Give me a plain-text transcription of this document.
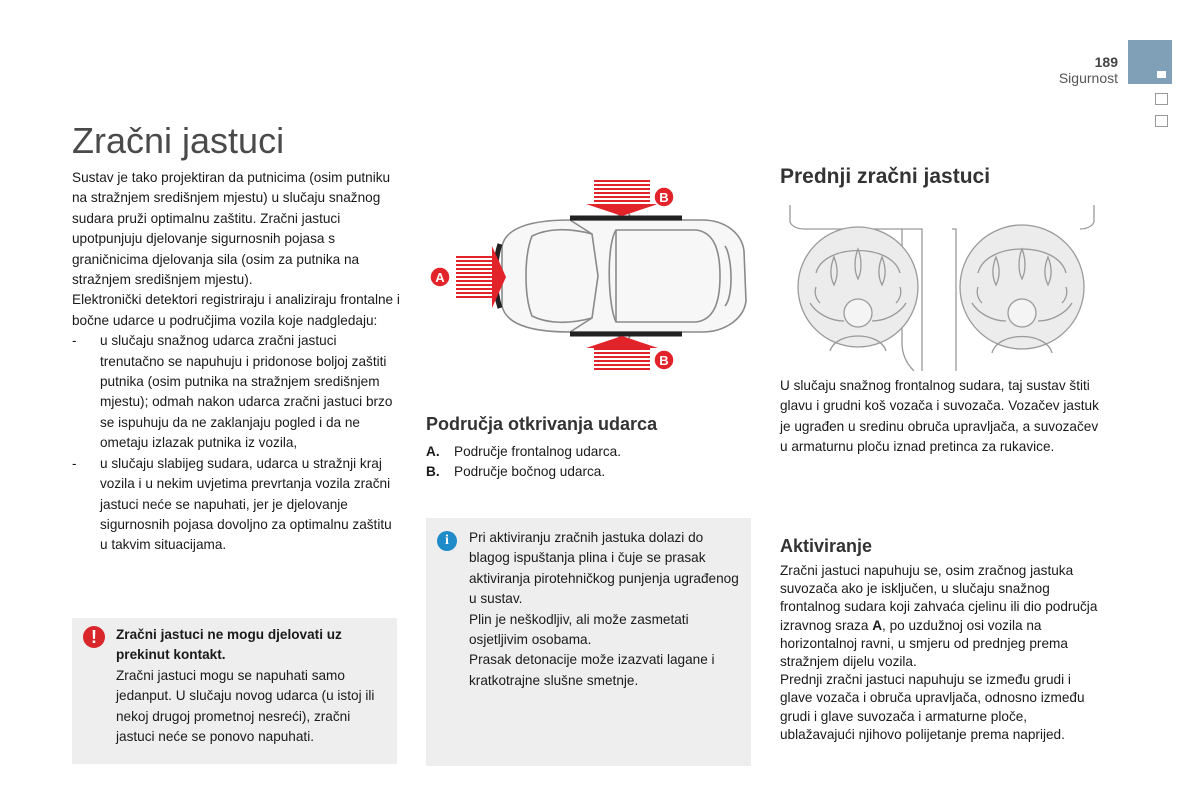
189
Sigurnost
Zračni jastuci

Sustav je tako projektiran da putnicima (osim putniku na stražnjem središnjem mjestu) u slučaju snažnog sudara pruži optimalnu zaštitu. Zračni jastuci upotpunjuju djelovanje sigurnosnih pojasa s graničnicima djelovanja sila (osim za putnika na stražnjem središnjem mjestu).

Elektronički detektori registriraju i analiziraju frontalne i bočne udarce u područjima vozila koje nadgledaju:

- u slučaju snažnog udarca zračni jastuci trenutačno se napuhuju i pridonose boljoj zaštiti putnika (osim putnika na stražnjem središnjem mjestu); odmah nakon udarca zračni jastuci brzo se ispuhuju da ne zaklanjaju pogled i da ne ometaju izlazak putnika iz vozila,
- u slučaju slabijeg sudara, udarca u stražnji kraj vozila i u nekim uvjetima prevrtanja vozila zračni jastuci neće se napuhati, jer je djelovanje sigurnosnih pojasa dovoljno za optimalnu zaštitu u takvim situacijama.
!	Zračni jastuci ne mogu djelovati uz prekinut kontakt.
Zračni jastuci mogu se napuhati samo jedanput. U slučaju novog udarca (u istoj ili nekoj drugoj prometnoj nesreći), zračni jastuci neće se ponovo napuhati.
A
B
B
Područja otkrivanja udarca
A. Područje frontalnog udarca.
B. Područje bočnog udarca.
i	Pri aktiviranju zračnih jastuka dolazi do blagog ispuštanja plina i čuje se prasak aktiviranja pirotehničkog punjenja ugrađenog u sustav.

Plin je neškodljiv, ali može zasmetati osjetljivim osobama.

Prasak detonacije može izazvati lagane i kratkotrajne slušne smetnje.

Prednji zračni jastuci
U slučaju snažnog frontalnog sudara, taj sustav štiti glavu i grudni koš vozača i suvozača. Vozačev jastuk je ugrađen u sredinu obruča upravljača, a suvozačev u armaturnu ploču iznad pretinca za rukavice.
Aktiviranje

Zračni jastuci napuhuju se, osim zračnog jastuka suvozača ako je isključen, u slučaju snažnog frontalnog sudara koji zahvaća cjelinu ili dio područja izravnog sraza A, po uzdužnoj osi vozila na horizontalnoj ravni, u smjeru od prednjeg prema stražnjem dijelu vozila.

Prednji zračni jastuci napuhuju se između grudi i glave vozača i obruča upravljača, odnosno između grudi i glave suvozača i armaturne ploče, ublažavajući njihovo polijetanje prema naprijed.
